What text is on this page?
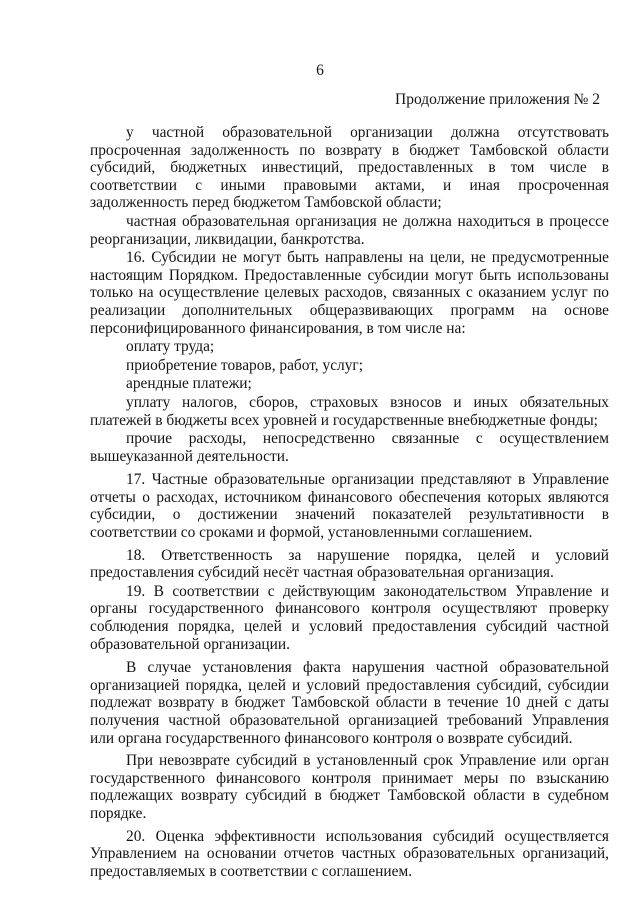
6
Продолжение приложения № 2

у частной образовательной организации должна отсутствовать просроченная задолженность по возврату в бюджет Тамбовской области субсидий, бюджетных инвестиций, предоставленных в том числе в соответствии с иными правовыми актами, и иная просроченная задолженность перед бюджетом Тамбовской области;

частная образовательная организация не должна находиться в процессе реорганизации, ликвидации, банкротства.

16. Субсидии не могут быть направлены на цели, не предусмотренные настоящим Порядком. Предоставленные субсидии могут быть использованы только на осуществление целевых расходов, связанных с оказанием услуг по реализации дополнительных общеразвивающих программ на основе персонифицированного финансирования, в том числе на:

оплату труда;

приобретение товаров, работ, услуг;

арендные платежи;

уплату налогов, сборов, страховых взносов и иных обязательных платежей в бюджеты всех уровней и государственные внебюджетные фонды;

прочие расходы, непосредственно связанные с осуществлением вышеуказанной деятельности.

17. Частные образовательные организации представляют в Управление отчеты о расходах, источником финансового обеспечения которых являются субсидии, о достижении значений показателей результативности в соответствии со сроками и формой, установленными соглашением.

18. Ответственность за нарушение порядка, целей и условий предоставления субсидий несёт частная образовательная организация.

19. В соответствии с действующим законодательством Управление и органы государственного финансового контроля осуществляют проверку соблюдения порядка, целей и условий предоставления субсидий частной образовательной организации.

В случае установления факта нарушения частной образовательной организацией порядка, целей и условий предоставления субсидий, субсидии подлежат возврату в бюджет Тамбовской области в течение 10 дней с даты получения частной образовательной организацией требований Управления или органа государственного финансового контроля о возврате субсидий.

При невозврате субсидий в установленный срок Управление или орган государственного финансового контроля принимает меры по взысканию подлежащих возврату субсидий в бюджет Тамбовской области в судебном порядке.

20. Оценка эффективности использования субсидий осуществляется Управлением на основании отчетов частных образовательных организаций, предоставляемых в соответствии с соглашением.
